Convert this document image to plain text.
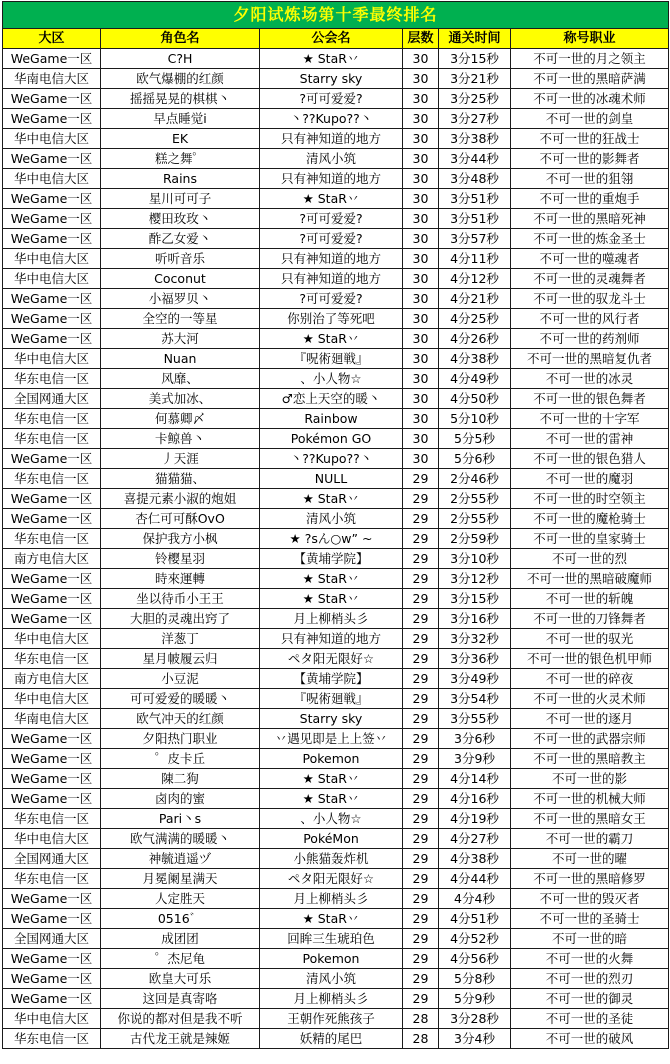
夕阳试炼场第十季最终排名					
大区	角色名	公会名	层数	通关时间	称号职业
WeGame一区	C?H	★ StaR丷	30	3分15秒	不可一世的月之领主
华南电信大区	欧气爆棚的红颜	Starry sky	30	3分21秒	不可一世的黑暗萨满
WeGame一区	摇摇晃晃的棋棋丶	?可可爱爱?	30	3分25秒	不可一世的冰魂术师
WeGame一区	早点睡觉i	丶??Kupo??丶	30	3分27秒	不可一世的剑皇
华中电信大区	EK	只有神知道的地方	30	3分38秒	不可一世的狂战士
WeGame一区	糕之舞゜	清风小筑	30	3分44秒	不可一世的影舞者
华中电信大区	Rains	只有神知道的地方	30	3分48秒	不可一世的狙翎
WeGame一区	星川可可子	★ StaR丷	30	3分51秒	不可一世的重炮手
WeGame一区	樱田玫玫丶	?可可爱爱?	30	3分51秒	不可一世的黑暗死神
WeGame一区	酢乙女爱丶	?可可爱爱?	30	3分57秒	不可一世的炼金圣士
华中电信大区	听听音乐	只有神知道的地方	30	4分11秒	不可一世的噬魂者
华中电信大区	Coconut	只有神知道的地方	30	4分12秒	不可一世的灵魂舞者
WeGame一区	小福罗贝丶	?可可爱爱?	30	4分21秒	不可一世的驭龙斗士
WeGame一区	全空的一等星	你别治了等死吧	30	4分25秒	不可一世的风行者
WeGame一区	苏大河	★ StaR丷	30	4分26秒	不可一世的药剂师
华中电信大区	Nuan	『呪術廻戦』	30	4分38秒	不可一世的黑暗复仇者
华东电信一区	风靡、	、小人物☆	30	4分49秒	不可一世的冰灵
全国网通大区	美式加冰、	♂恋上天空的暖丶	30	4分50秒	不可一世的银色舞者
华东电信一区	何慕卿〆	Rainbow	30	5分10秒	不可一世的十字军
华东电信一区	卡鲸兽丶	Pokémon GO	30	5分5秒	不可一世的雷神
WeGame一区	丿天涯	丶??Kupo??丶	30	5分6秒	不可一世的银色猎人
华东电信一区	猫猫猫、	NULL	29	2分46秒	不可一世的魔羽
WeGame一区	喜提元素小淑的炮姐	★ StaR丷	29	2分55秒	不可一世的时空领主
WeGame一区	杏仁可可酥OvO	清风小筑	29	2分55秒	不可一世的魔枪骑士
华东电信一区	保护我方小枫	★ ?sん○w” ~	29	2分59秒	不可一世的皇家骑士
南方电信大区	铃樱星羽	【黄埔学院】	29	3分10秒	不可一世的烈
WeGame一区	時來運轉	★ StaR丷	29	3分12秒	不可一世的黑暗破魔师
WeGame一区	坐以待币小王王	★ StaR丷	29	3分15秒	不可一世的斩魄
WeGame一区	大胆的灵魂出窍了	月上柳梢头彡	29	3分16秒	不可一世的刀锋舞者
华中电信大区	洋葱丁	只有神知道的地方	29	3分32秒	不可一世的驭光
华东电信一区	星月帔履云归	ペタ阳无限好☆	29	3分36秒	不可一世的银色机甲师
南方电信大区	小豆泥	【黄埔学院】	29	3分49秒	不可一世的碎夜
华中电信大区	可可爱爱的暖暖丶	『呪術廻戦』	29	3分54秒	不可一世的火灵术师
华南电信大区	欧气冲天的红颜	Starry sky	29	3分55秒	不可一世的逐月
WeGame一区	夕阳热门职业	丷遇见即是上上签丷	29	3分6秒	不可一世的武器宗师
WeGame一区	゜皮卡丘	Pokemon	29	3分9秒	不可一世的黑暗教主
WeGame一区	陳二狗	★ StaR丷	29	4分14秒	不可一世的影
WeGame一区	卤肉的蜜	★ StaR丷	29	4分16秒	不可一世的机械大师
华东电信一区	Pari丶s	、小人物☆	29	4分19秒	不可一世的黑暗女王
华中电信大区	欧气满满的暖暖丶	PokéMon	29	4分27秒	不可一世的霸刀
全国网通大区	神毓逍遥ヅ	小熊猫轰炸机	29	4分38秒	不可一世的曜
华东电信一区	月冕阑星满天	ペタ阳无限好☆	29	4分44秒	不可一世的黑暗修罗
WeGame一区	人定胜天	月上柳梢头彡	29	4分4秒	不可一世的毁灭者
WeGame一区	0516゛	★ StaR丷	29	4分51秒	不可一世的圣骑士
全国网通大区	成团团	回眸三生琥珀色	29	4分52秒	不可一世的暗
WeGame一区	゜杰尼龟	Pokemon	29	4分56秒	不可一世的火舞
WeGame一区	欧皇大可乐	清风小筑	29	5分8秒	不可一世的烈刃
WeGame一区	这回是真寄咯	月上柳梢头彡	29	5分9秒	不可一世的御灵
华中电信大区	你说的都对但是我不听	王朝作死熊孩子	28	3分28秒	不可一世的圣徒
华东电信一区	古代龙王就是辣姬	妖精的尾巴	28	3分4秒	不可一世的破风
